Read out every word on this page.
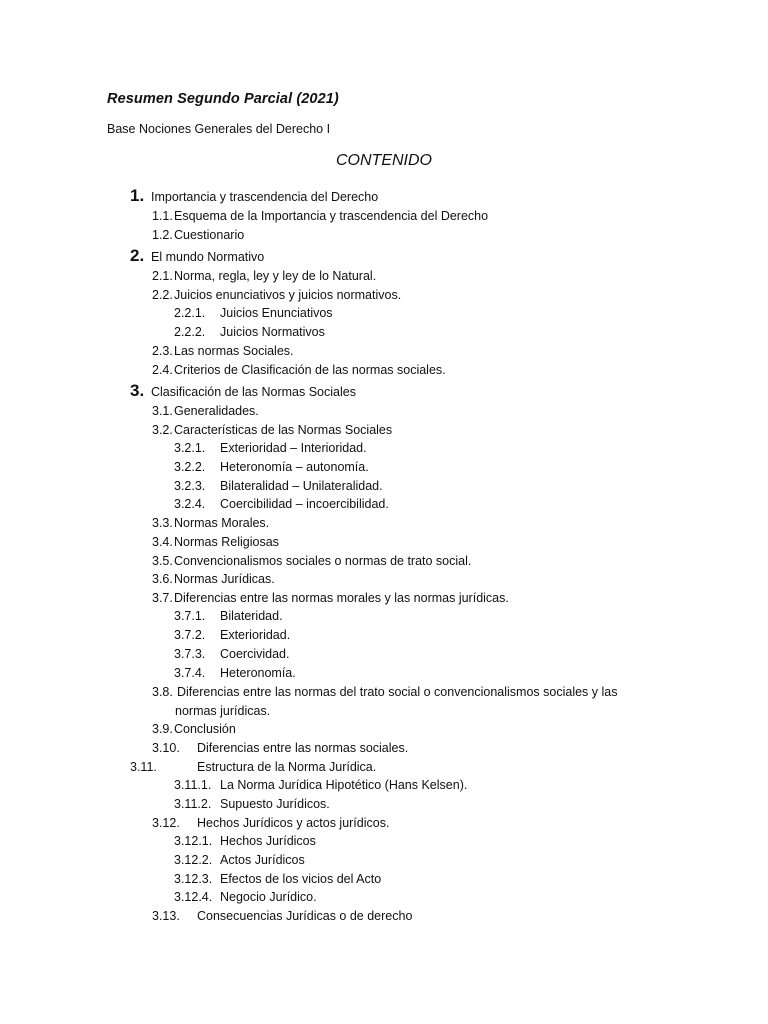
Resumen Segundo Parcial (2021)
Base Nociones Generales del Derecho I
CONTENIDO
1. Importancia y trascendencia del Derecho
1.1.Esquema de la Importancia y trascendencia del Derecho
1.2.Cuestionario
2. El mundo Normativo
2.1.Norma, regla, ley y ley de lo Natural.
2.2.Juicios enunciativos y juicios normativos.
2.2.1. Juicios Enunciativos
2.2.2. Juicios Normativos
2.3.Las normas Sociales.
2.4.Criterios de Clasificación de las normas sociales.
3. Clasificación de las Normas Sociales
3.1.Generalidades.
3.2.Características de las Normas Sociales
3.2.1. Exterioridad – Interioridad.
3.2.2. Heteronomía – autonomía.
3.2.3. Bilateralidad – Unilateralidad.
3.2.4. Coercibilidad – incoercibilidad.
3.3.Normas Morales.
3.4.Normas Religiosas
3.5.Convencionalismos sociales o normas de trato social.
3.6.Normas Jurídicas.
3.7.Diferencias entre las normas morales y las normas jurídicas.
3.7.1. Bilateridad.
3.7.2. Exterioridad.
3.7.3. Coercividad.
3.7.4. Heteronomía.
3.8. Diferencias entre las normas del trato social o convencionalismos sociales y las
normas jurídicas.
3.9.Conclusión
3.10. Diferencias entre las normas sociales.
3.11.	Estructura de la Norma Jurídica.
3.11.1. La Norma Jurídica Hipotético (Hans Kelsen).
3.11.2. Supuesto Jurídicos.
3.12. Hechos Jurídicos y actos jurídicos.
3.12.1. Hechos Jurídicos
3.12.2. Actos Jurídicos
3.12.3. Efectos de los vicios del Acto
3.12.4. Negocio Jurídico.
3.13. Consecuencias Jurídicas o de derecho
